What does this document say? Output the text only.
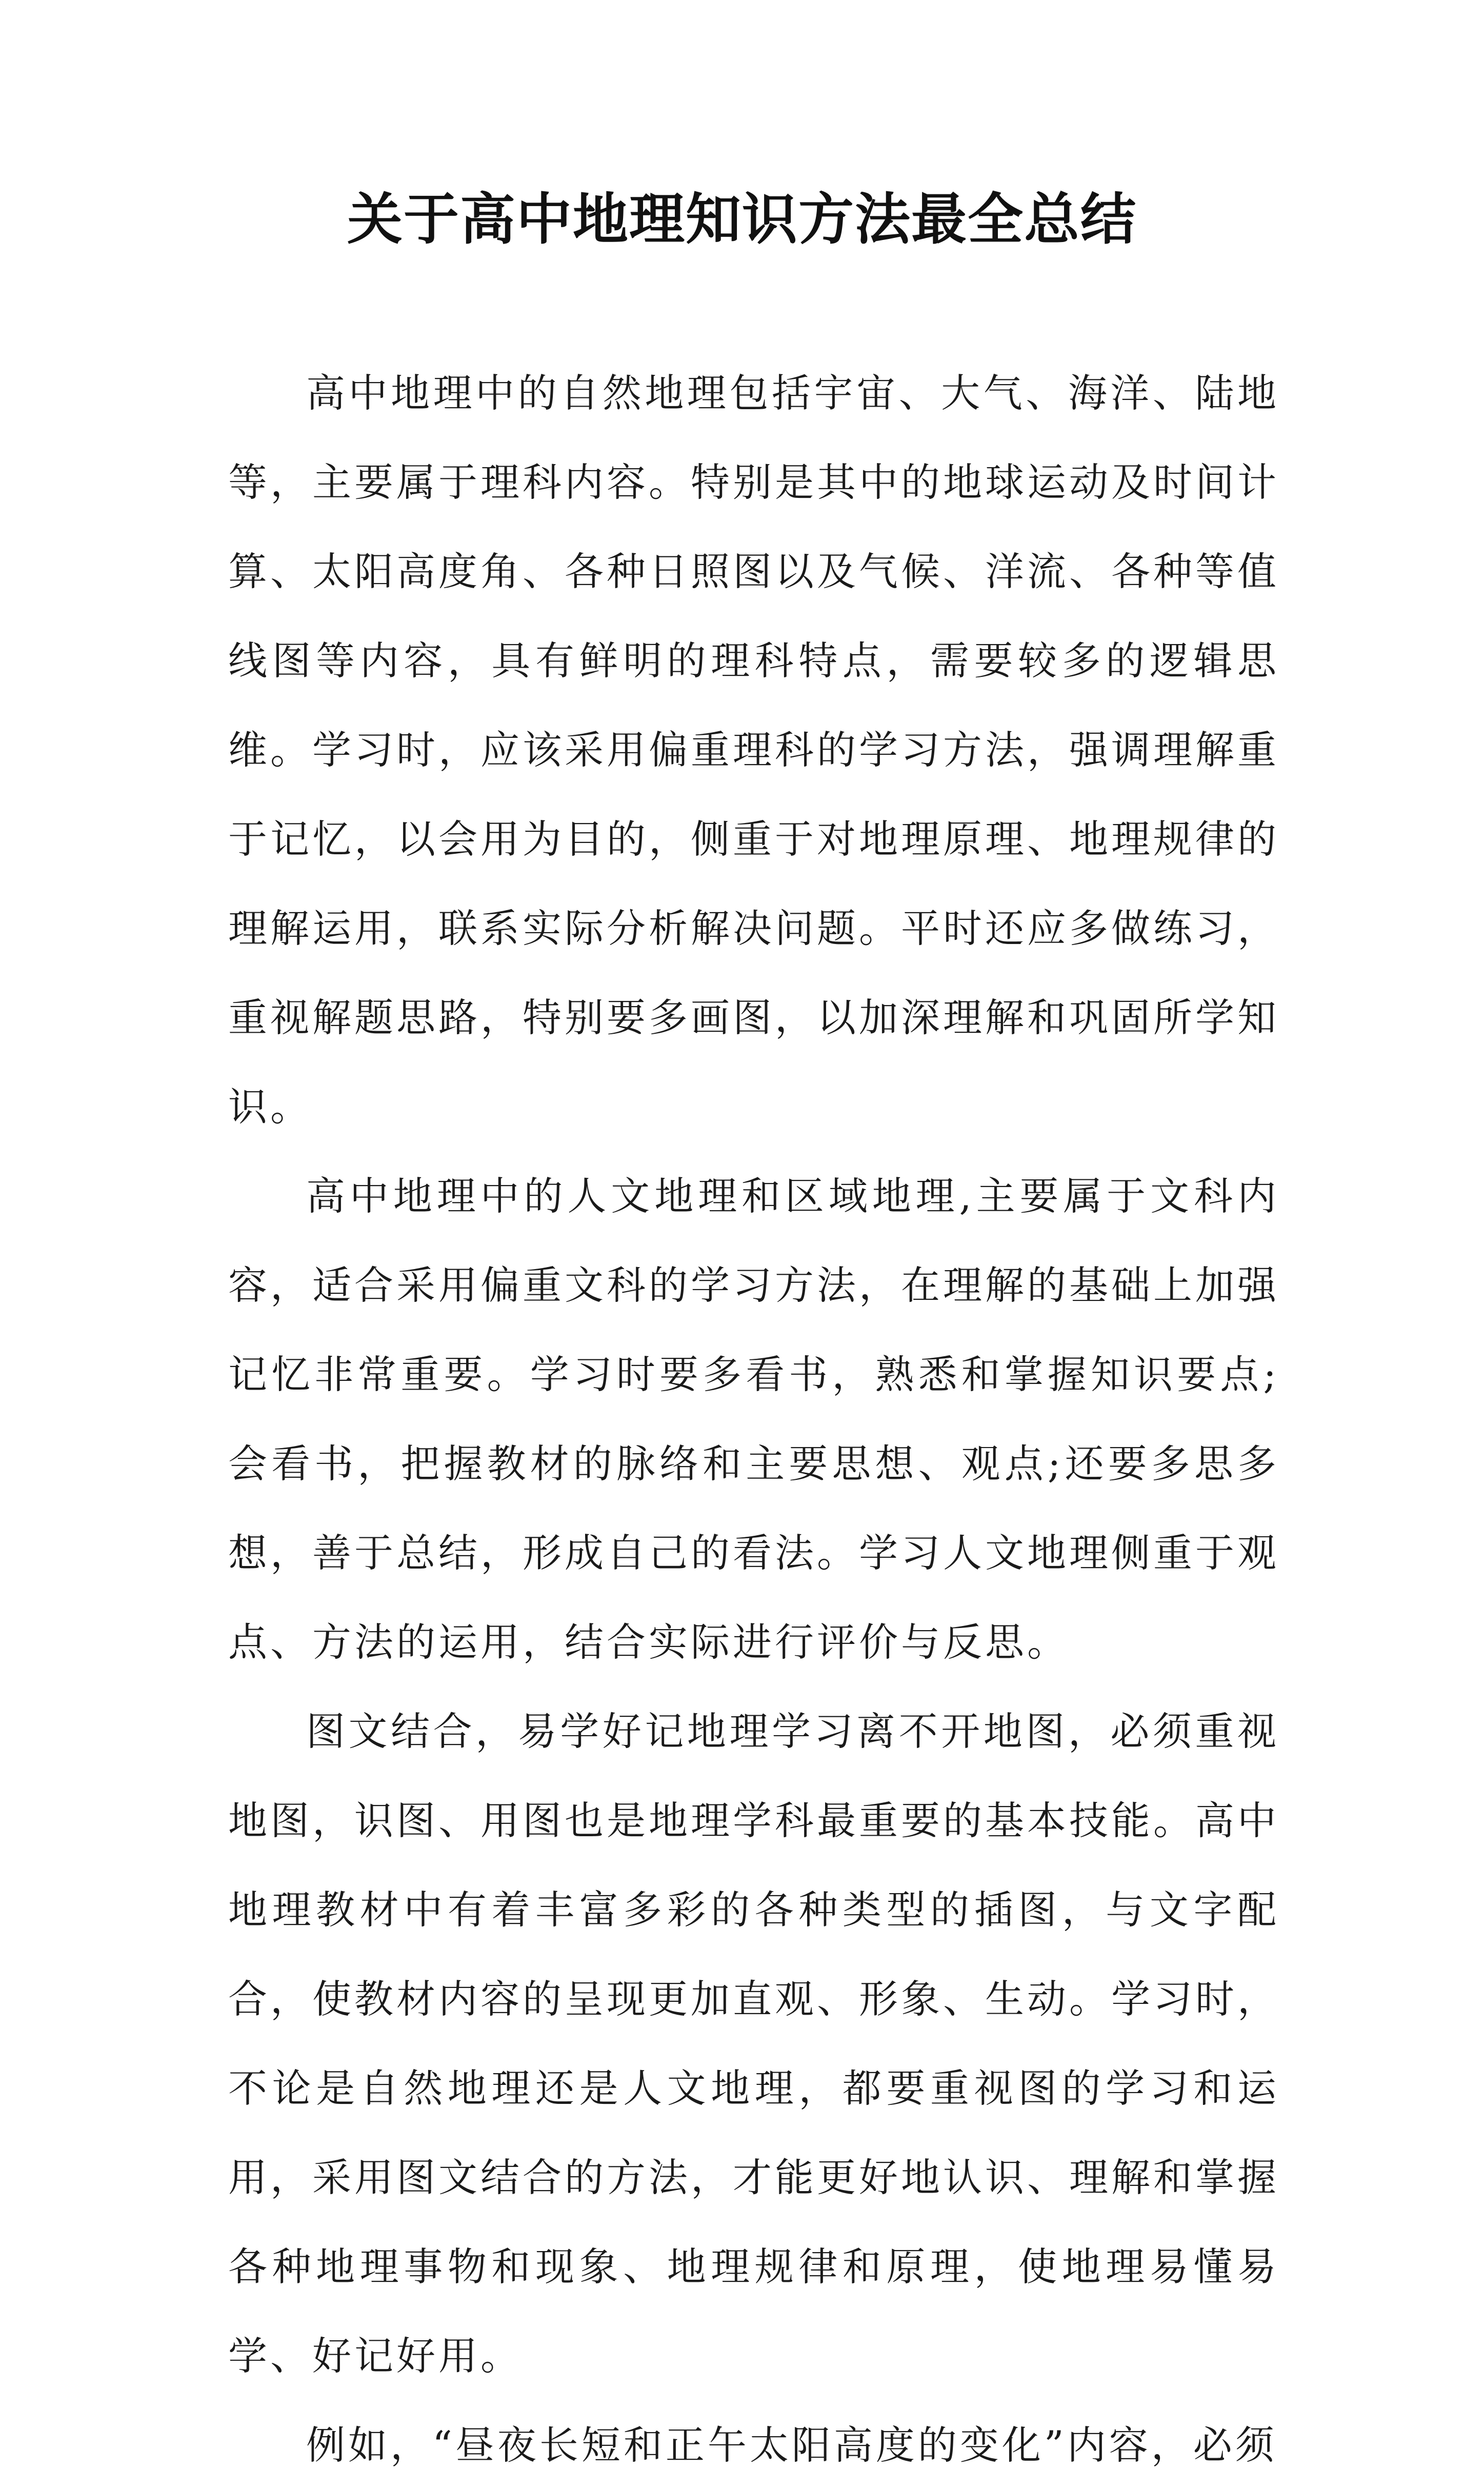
关于高中地理知识方法最全总结

高中地理中的自然地理包括宇宙、大气、海洋、陆地等，主要属于理科内容。特别是其中的地球运动及时间计算、太阳高度角、各种日照图以及气候、洋流、各种等值线图等内容，具有鲜明的理科特点，需要较多的逻辑思维。学习时，应该采用偏重理科的学习方法，强调理解重于记忆，以会用为目的，侧重于对地理原理、地理规律的理解运用，联系实际分析解决问题。平时还应多做练习，重视解题思路，特别要多画图，以加深理解和巩固所学知识。

高中地理中的人文地理和区域地理,主要属于文科内容，适合采用偏重文科的学习方法，在理解的基础上加强记忆非常重要。学习时要多看书，熟悉和掌握知识要点;会看书，把握教材的脉络和主要思想、观点;还要多思多想，善于总结，形成自己的看法。学习人文地理侧重于观点、方法的运用，结合实际进行评价与反思。

图文结合，易学好记地理学习离不开地图，必须重视地图，识图、用图也是地理学科最重要的基本技能。高中地理教材中有着丰富多彩的各种类型的插图，与文字配合，使教材内容的呈现更加直观、形象、生动。学习时，不论是自然地理还是人文地理，都要重视图的学习和运用，采用图文结合的方法，才能更好地认识、理解和掌握各种地理事物和现象、地理规律和原理，使地理易懂易学、好记好用。

例如，“昼夜长短和正午太阳高度的变化”内容，必须
